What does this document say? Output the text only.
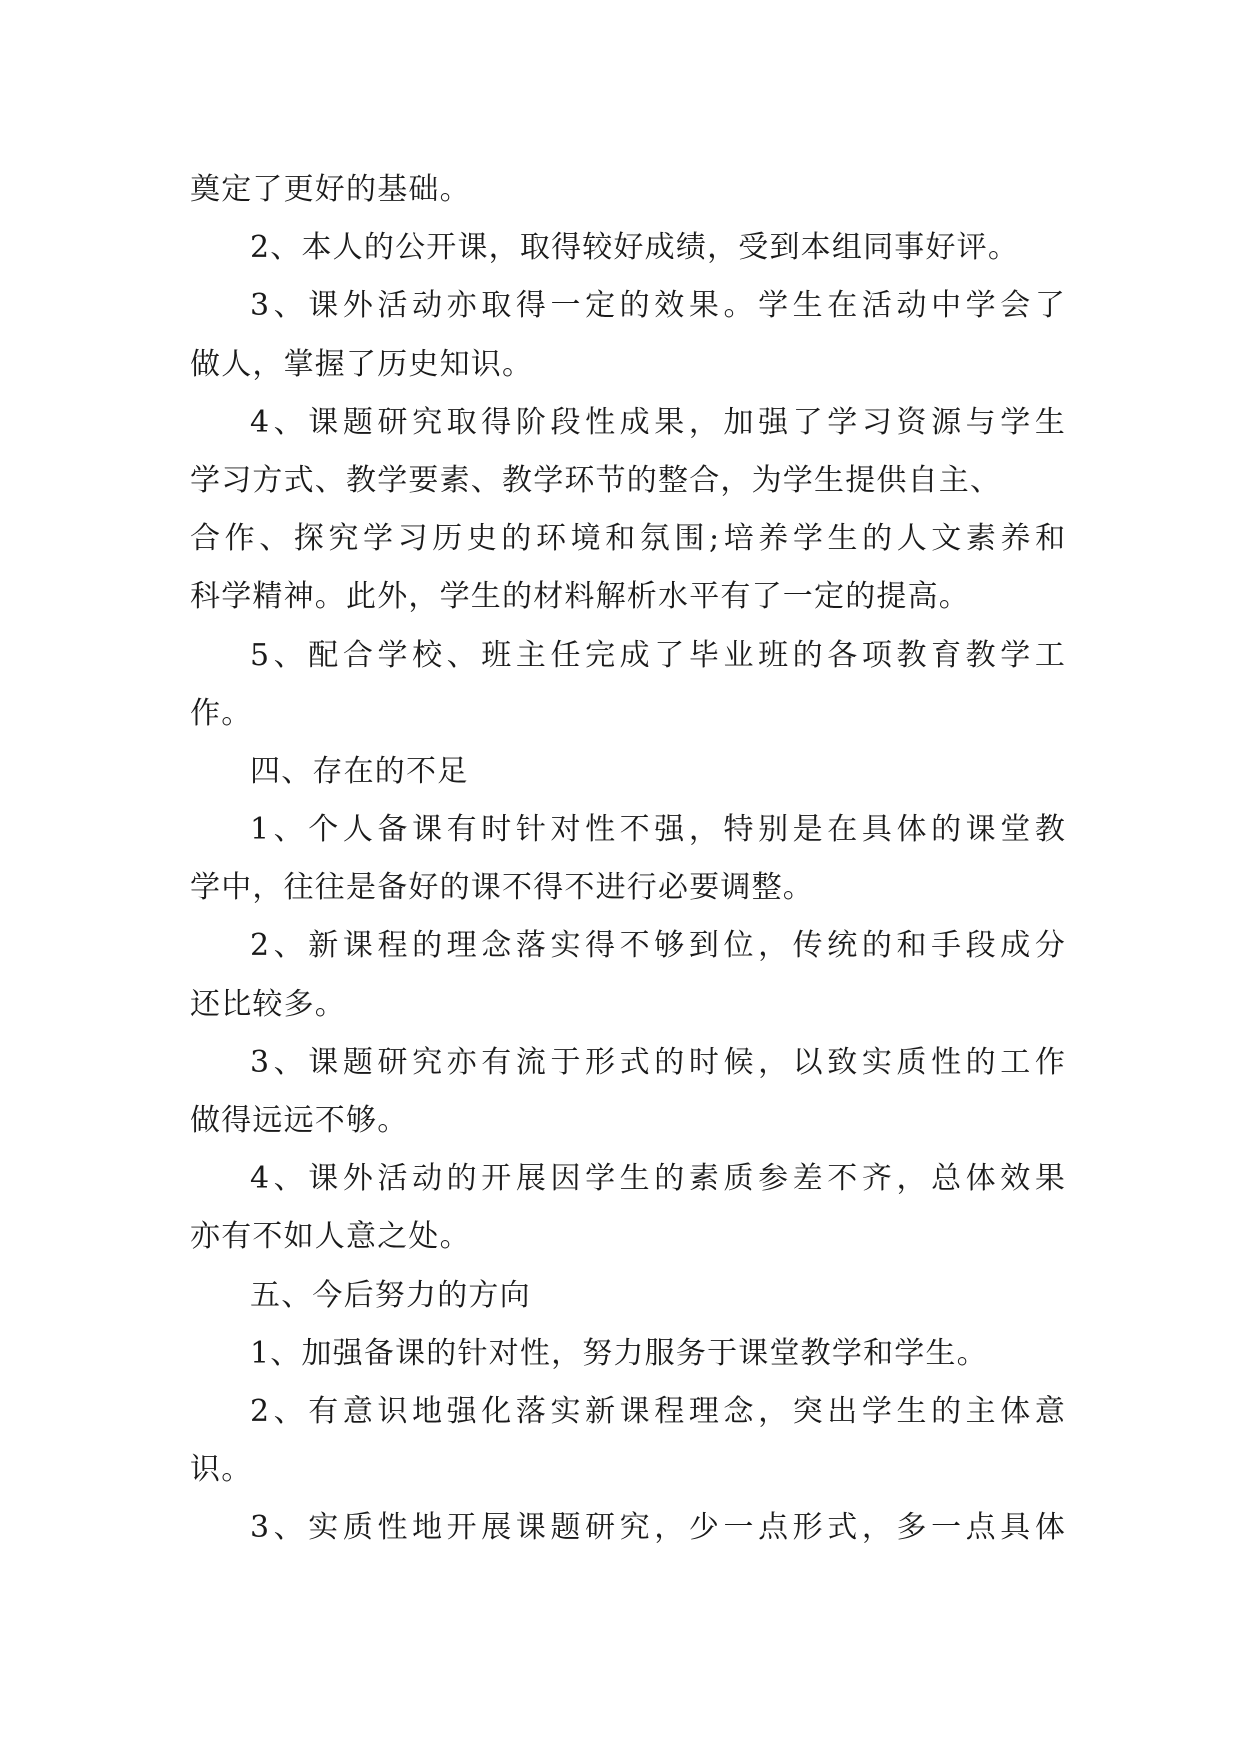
奠定了更好的基础。
2、本人的公开课，取得较好成绩，受到本组同事好评。
3、课外活动亦取得一定的效果。学生在活动中学会了
做人，掌握了历史知识。
4、课题研究取得阶段性成果，加强了学习资源与学生
学习方式、教学要素、教学环节的整合，为学生提供自主、
合作、探究学习历史的环境和氛围;培养学生的人文素养和
科学精神。此外，学生的材料解析水平有了一定的提高。
5、配合学校、班主任完成了毕业班的各项教育教学工
作。
四、存在的不足
1、个人备课有时针对性不强，特别是在具体的课堂教
学中，往往是备好的课不得不进行必要调整。
2、新课程的理念落实得不够到位，传统的和手段成分
还比较多。
3、课题研究亦有流于形式的时候，以致实质性的工作
做得远远不够。
4、课外活动的开展因学生的素质参差不齐，总体效果
亦有不如人意之处。
五、今后努力的方向
1、加强备课的针对性，努力服务于课堂教学和学生。
2、有意识地强化落实新课程理念，突出学生的主体意
识。
3、实质性地开展课题研究，少一点形式，多一点具体
